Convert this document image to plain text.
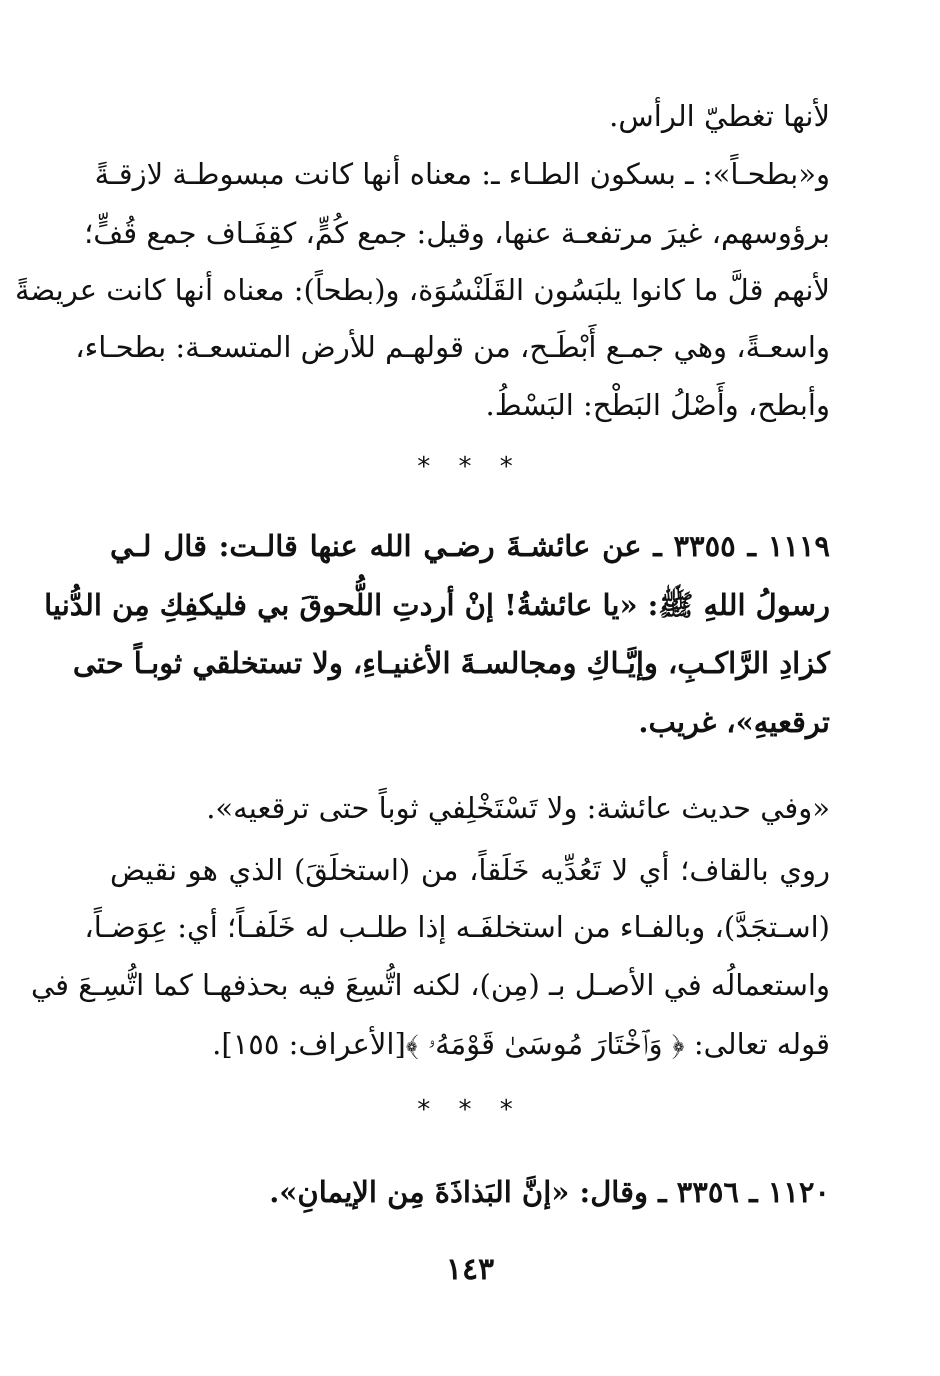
لأنها تغطيّ الرأس.
و«بطحـاً»: ـ بسكون الطـاء ـ: معناه أنها كانت مبسوطـة لازقـةً
برؤوسهم، غيرَ مرتفعـة عنها، وقيل: جمع كُمٍّ، كقِفَـاف جمع قُفٍّ؛
لأنهم قلَّ ما كانوا يلبَسُون القَلَنْسُوَة، و(بطحاً): معناه أنها كانت عريضةً
واسعـةً، وهي جمـع أَبْطَـح، من قولهـم للأرض المتسعـة: بطحـاء،
وأبطح، وأَصْلُ البَطْح: البَسْطُ.
* * *
١١١٩ ـ ٣٣٥٥ ـ عن عائشـةَ رضـي الله عنها قالـت: قال لـي
رسولُ اللهِ ﷺ: «يا عائشةُ! إنْ أردتِ اللُّحوقَ بي فليكفِكِ مِن الدُّنيا
كزادِ الرَّاكـبِ، وإيَّـاكِ ومجالسـةَ الأغنيـاءِ، ولا تستخلقي ثوبـاً حتى
ترقعيهِ»، غريب.
«وفي حديث عائشة: ولا تَسْتَخْلِفي ثوباً حتى ترقعيه».
روي بالقاف؛ أي لا تَعُدِّيه خَلَقاً، من (استخلَقَ) الذي هو نقيض
(اسـتجَدَّ)، وبالفـاء من استخلفَـه إذا طلـب له خَلَفـاً؛ أي: عِوَضـاً،
واستعمالُه في الأصـل بـ (مِن)، لكنه اتُّسِعَ فيه بحذفهـا كما اتُّسِـعَ في
قوله تعالى: ﴿ وَٱخْتَارَ مُوسَىٰ قَوْمَهُۥ ﴾[الأعراف: ١٥٥].
* * *
١١٢٠ ـ ٣٣٥٦ ـ وقال: «إنَّ البَذاذَةَ مِن الإيمانِ».
١٤٣
